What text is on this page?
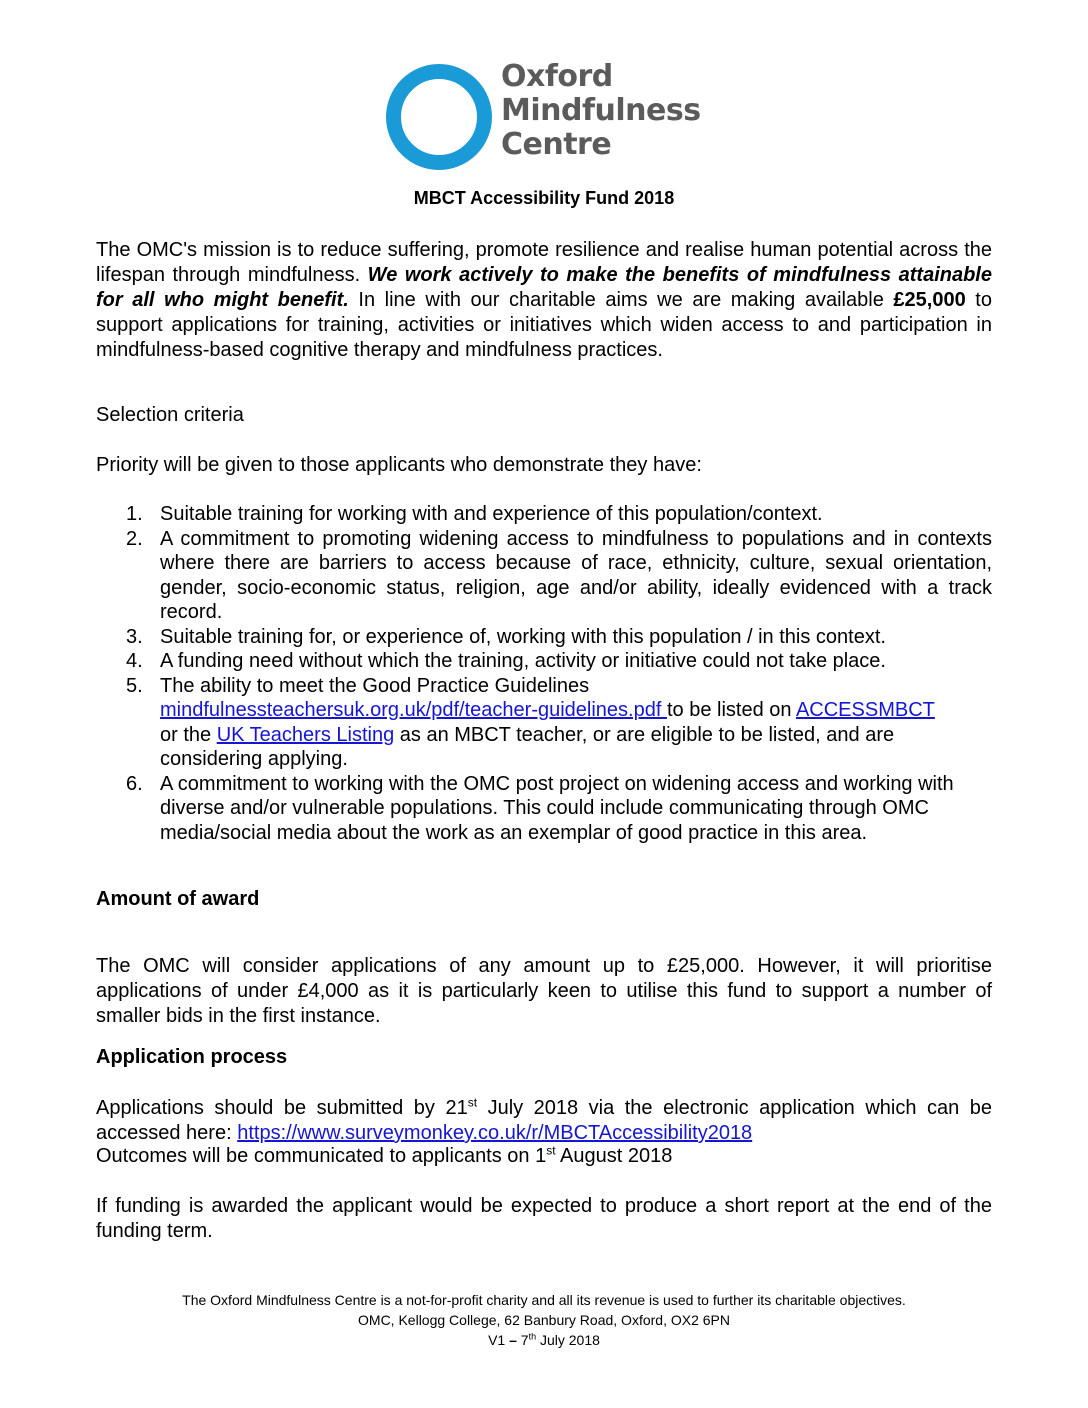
Oxford
Mindfulness
Centre
MBCT Accessibility Fund 2018
The OMC's mission is to reduce suffering, promote resilience and realise human potential across the lifespan through mindfulness. We work actively to make the benefits of mindfulness attainable for all who might benefit. In line with our charitable aims we are making available £25,000 to support applications for training, activities or initiatives which widen access to and participation in mindfulness-based cognitive therapy and mindfulness practices.
Selection criteria
Priority will be given to those applicants who demonstrate they have:
1. Suitable training for working with and experience of this population/context.
2. A commitment to promoting widening access to mindfulness to populations and in contexts where there are barriers to access because of race, ethnicity, culture, sexual orientation, gender, socio-economic status, religion, age and/or ability, ideally evidenced with a track record.
3. Suitable training for, or experience of, working with this population / in this context.
4. A funding need without which the training, activity or initiative could not take place.
5. The ability to meet the Good Practice Guidelines
mindfulnessteachersuk.org.uk/pdf/teacher-guidelines.pdf to be listed on ACCESSMBCT
or the UK Teachers Listing as an MBCT teacher, or are eligible to be listed, and are considering applying.
6. A commitment to working with the OMC post project on widening access and working with diverse and/or vulnerable populations. This could include communicating through OMC media/social media about the work as an exemplar of good practice in this area.
Amount of award
The OMC will consider applications of any amount up to £25,000. However, it will prioritise applications of under £4,000 as it is particularly keen to utilise this fund to support a number of smaller bids in the first instance.
Application process
Applications should be submitted by 21st July 2018 via the electronic application which can be accessed here: https://www.surveymonkey.co.uk/r/MBCTAccessibility2018
Outcomes will be communicated to applicants on 1st August 2018
If funding is awarded the applicant would be expected to produce a short report at the end of the funding term.
The Oxford Mindfulness Centre is a not-for-profit charity and all its revenue is used to further its charitable objectives.
OMC, Kellogg College, 62 Banbury Road, Oxford, OX2 6PN
V1 – 7th July 2018
